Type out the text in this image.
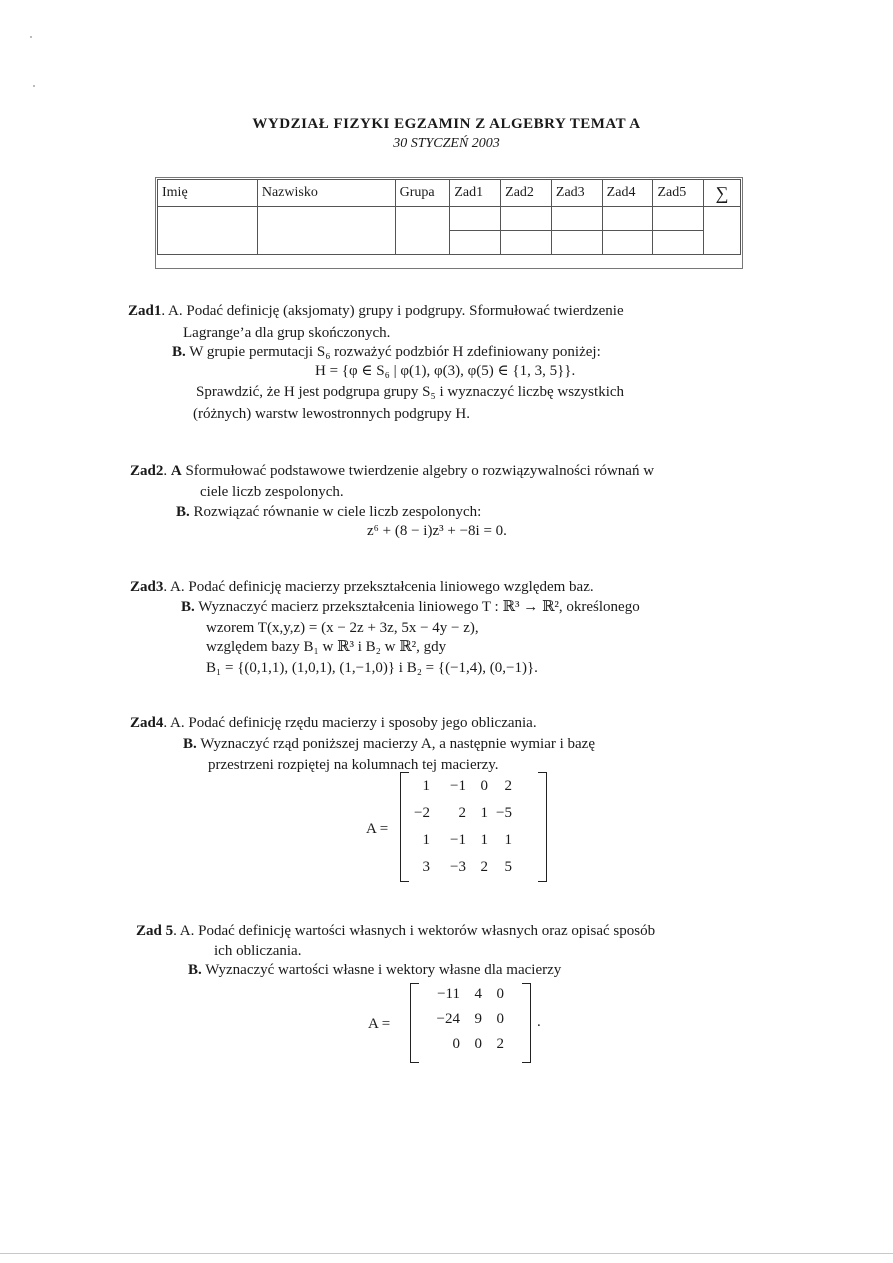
WYDZIAŁ FIZYKI EGZAMIN Z ALGEBRY TEMAT A
30 STYCZEŃ 2003
Imię	Nazwisko	Grupa	Zad1	Zad2	Zad3	Zad4	Zad5	∑

Zad1. A. Podać definicję (aksjomaty) grupy i podgrupy. Sformułować twierdzenie
Lagrange’a dla grup skończonych.
B. W grupie permutacji S₆ rozważyć podzbiór H zdefiniowany poniżej:
H = {φ ∈ S₆ | φ(1), φ(3), φ(5) ∈ {1, 3, 5}}.
Sprawdzić, że H jest podgrupa grupy S₅ i wyznaczyć liczbę wszystkich
(różnych) warstw lewostronnych podgrupy H.
Zad2. A Sformułować podstawowe twierdzenie algebry o rozwiązywalności równań w
ciele liczb zespolonych.
B. Rozwiązać równanie w ciele liczb zespolonych:
z⁶ + (8 − i)z³ + −8i = 0.
Zad3. A. Podać definicję macierzy przekształcenia liniowego względem baz.
B. Wyznaczyć macierz przekształcenia liniowego T : ℝ³ → ℝ², określonego
wzorem T(x,y,z) = (x − 2z + 3z, 5x − 4y − z),
względem bazy B₁ w ℝ³ i B₂ w ℝ², gdy
B₁ = {(0,1,1), (1,0,1), (1,−1,0)} i B₂ = {(−1,4), (0,−1)}.
Zad4. A. Podać definicję rzędu macierzy i sposoby jego obliczania.
B. Wyznaczyć rząd poniższej macierzy A, a następnie wymiar i bazę
przestrzeni rozpiętej na kolumnach tej macierzy.
A =
1	−1 0	2
−2	2 1 −5
1	−1 1	1
3	−3 2	5
Zad 5. A. Podać definicję wartości własnych i wektorów własnych oraz opisać sposób
ich obliczania.
B. Wyznaczyć wartości własne i wektory własne dla macierzy
A =	.
−11 4 0
−24 9 0
0 0 2
